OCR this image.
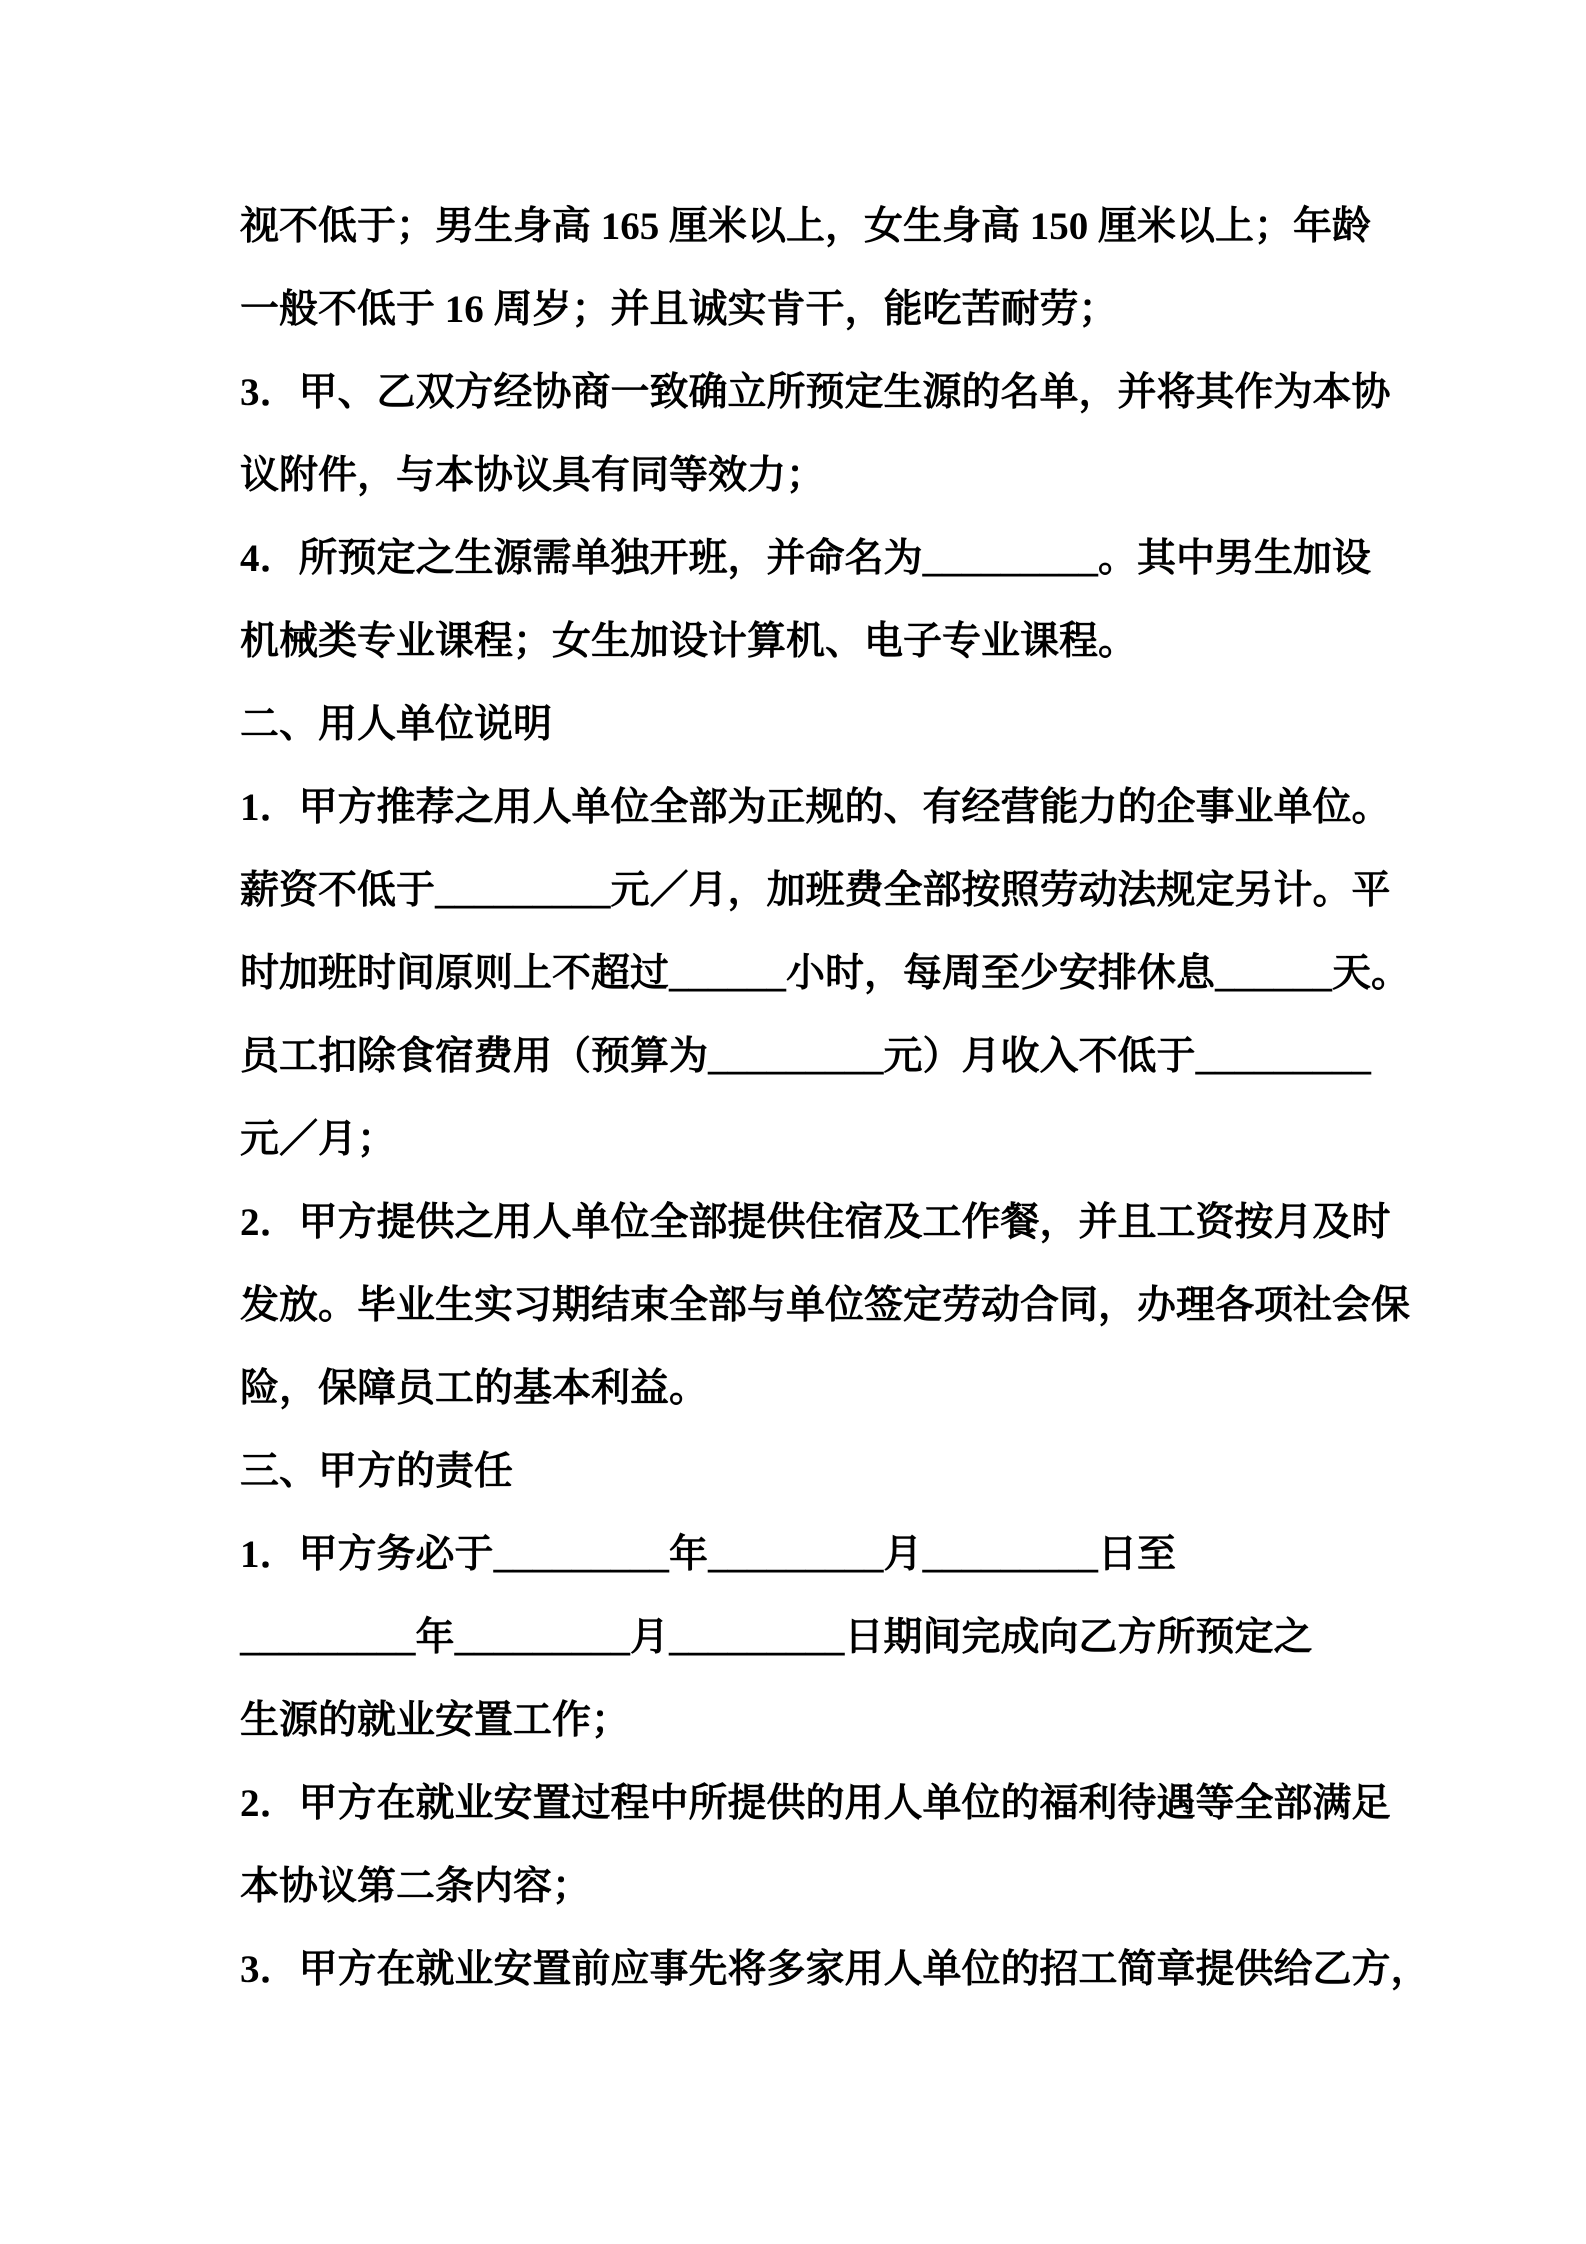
视不低于；男生身高 165 厘米以上，女生身高 150 厘米以上；年龄
一般不低于 16 周岁；并且诚实肯干，能吃苦耐劳；
3．甲、乙双方经协商一致确立所预定生源的名单，并将其作为本协
议附件，与本协议具有同等效力；
4．所预定之生源需单独开班，并命名为_________。其中男生加设
机械类专业课程；女生加设计算机、电子专业课程。
二、用人单位说明
1．甲方推荐之用人单位全部为正规的、有经营能力的企事业单位。
薪资不低于_________元／月，加班费全部按照劳动法规定另计。平
时加班时间原则上不超过______小时，每周至少安排休息______天。
员工扣除食宿费用（预算为_________元）月收入不低于_________
元／月；
2．甲方提供之用人单位全部提供住宿及工作餐，并且工资按月及时
发放。毕业生实习期结束全部与单位签定劳动合同，办理各项社会保
险，保障员工的基本利益。
三、甲方的责任
1．甲方务必于_________年_________月_________日至
_________年_________月_________日期间完成向乙方所预定之
生源的就业安置工作；
2．甲方在就业安置过程中所提供的用人单位的福利待遇等全部满足
本协议第二条内容；
3．甲方在就业安置前应事先将多家用人单位的招工简章提供给乙方，
